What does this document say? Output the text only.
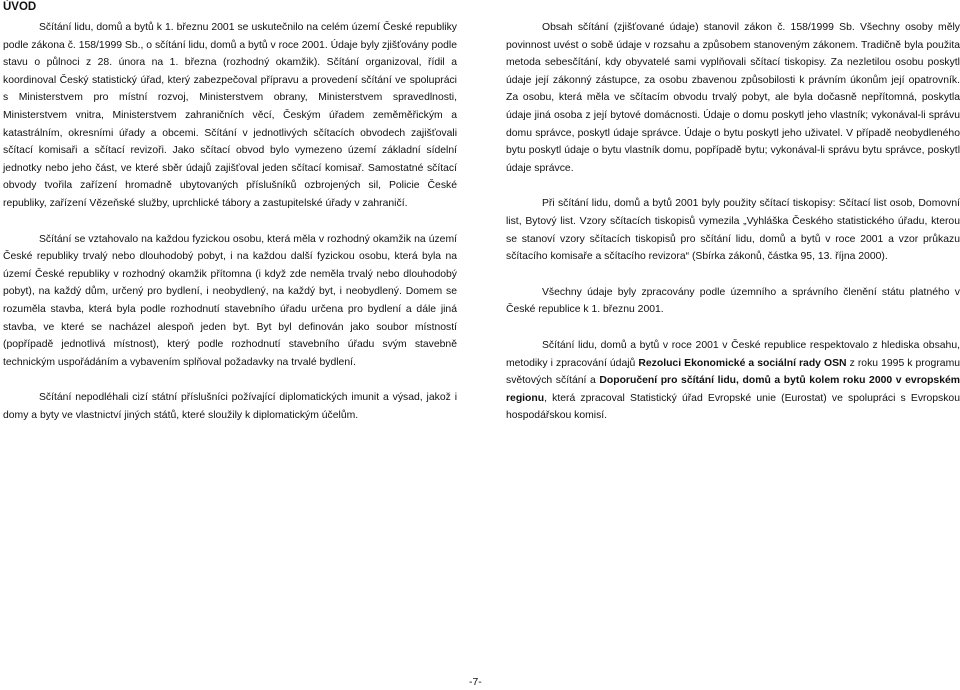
ÚVOD

Sčítání lidu, domů a bytů k 1. březnu 2001 se uskutečnilo na celém území České republiky podle zákona č. 158/1999 Sb., o sčítání lidu, domů a bytů v roce 2001. Údaje byly zjišťovány podle stavu o půlnoci z 28. února na 1. března (rozhodný okamžik). Sčítání organizoval, řídil a koordinoval Český statistický úřad, který zabezpečoval přípravu a provedení sčítání ve spolupráci s Ministerstvem pro místní rozvoj, Ministerstvem obrany, Ministerstvem spravedlnosti, Ministerstvem vnitra, Ministerstvem zahraničních věcí, Českým úřadem zeměměřickým a katastrálním, okresními úřady a obcemi. Sčítání v jednotlivých sčítacích obvodech zajišťovali sčítací komisaři a sčítací revizoři. Jako sčítací obvod bylo vymezeno území základní sídelní jednotky nebo jeho část, ve které sběr údajů zajišťoval jeden sčítací komisař. Samostatné sčítací obvody tvořila zařízení hromadně ubytovaných příslušníků ozbrojených sil, Policie České republiky, zařízení Vězeňské služby, uprchlické tábory a zastupitelské úřady v zahraničí.

Sčítání se vztahovalo na každou fyzickou osobu, která měla v rozhodný okamžik na území České republiky trvalý nebo dlouhodobý pobyt, i na každou další fyzickou osobu, která byla na území České republiky v rozhodný okamžik přítomna (i když zde neměla trvalý nebo dlouhodobý pobyt), na každý dům, určený pro bydlení, i neobydlený, na každý byt, i neobydlený. Domem se rozuměla stavba, která byla podle rozhodnutí stavebního úřadu určena pro bydlení a dále jiná stavba, ve které se nacházel alespoň jeden byt. Byt byl definován jako soubor místností (popřípadě jednotlivá místnost), který podle rozhodnutí stavebního úřadu svým stavebně technickým uspořádáním a vybavením splňoval požadavky na trvalé bydlení.

Sčítání nepodléhali cizí státní příslušníci požívající diplomatických imunit a výsad, jakož i domy a byty ve vlastnictví jiných států, které sloužily k diplomatickým účelům.

Obsah sčítání (zjišťované údaje) stanovil zákon č. 158/1999 Sb. Všechny osoby měly povinnost uvést o sobě údaje v rozsahu a způsobem stanoveným zákonem. Tradičně byla použita metoda sebesčítání, kdy obyvatelé sami vyplňovali sčítací tiskopisy. Za nezletilou osobu poskytl údaje její zákonný zástupce, za osobu zbavenou způsobilosti k právním úkonům její opatrovník. Za osobu, která měla ve sčítacím obvodu trvalý pobyt, ale byla dočasně nepřítomná, poskytla údaje jiná osoba z její bytové domácnosti. Údaje o domu poskytl jeho vlastník; vykonával-li správu domu správce, poskytl údaje správce. Údaje o bytu poskytl jeho uživatel. V případě neobydleného bytu poskytl údaje o bytu vlastník domu, popřípadě bytu; vykonával-li správu bytu správce, poskytl údaje správce.

Při sčítání lidu, domů a bytů 2001 byly použity sčítací tiskopisy: Sčítací list osob, Domovní list, Bytový list. Vzory sčítacích tiskopisů vymezila „Vyhláška Českého statistického úřadu, kterou se stanoví vzory sčítacích tiskopisů pro sčítání lidu, domů a bytů v roce 2001 a vzor průkazu sčítacího komisaře a sčítacího revizora“ (Sbírka zákonů, částka 95, 13. října 2000).

Všechny údaje byly zpracovány podle územního a správního členění státu platného v České republice k 1. březnu 2001.

Sčítání lidu, domů a bytů v roce 2001 v České republice respektovalo z hlediska obsahu, metodiky i zpracování údajů Rezoluci Ekonomické a sociální rady OSN z roku 1995 k programu světových sčítání a Doporučení pro sčítání lidu, domů a bytů kolem roku 2000 v evropském regionu, která zpracoval Statistický úřad Evropské unie (Eurostat) ve spolupráci s Evropskou hospodářskou komisí.

-7-
